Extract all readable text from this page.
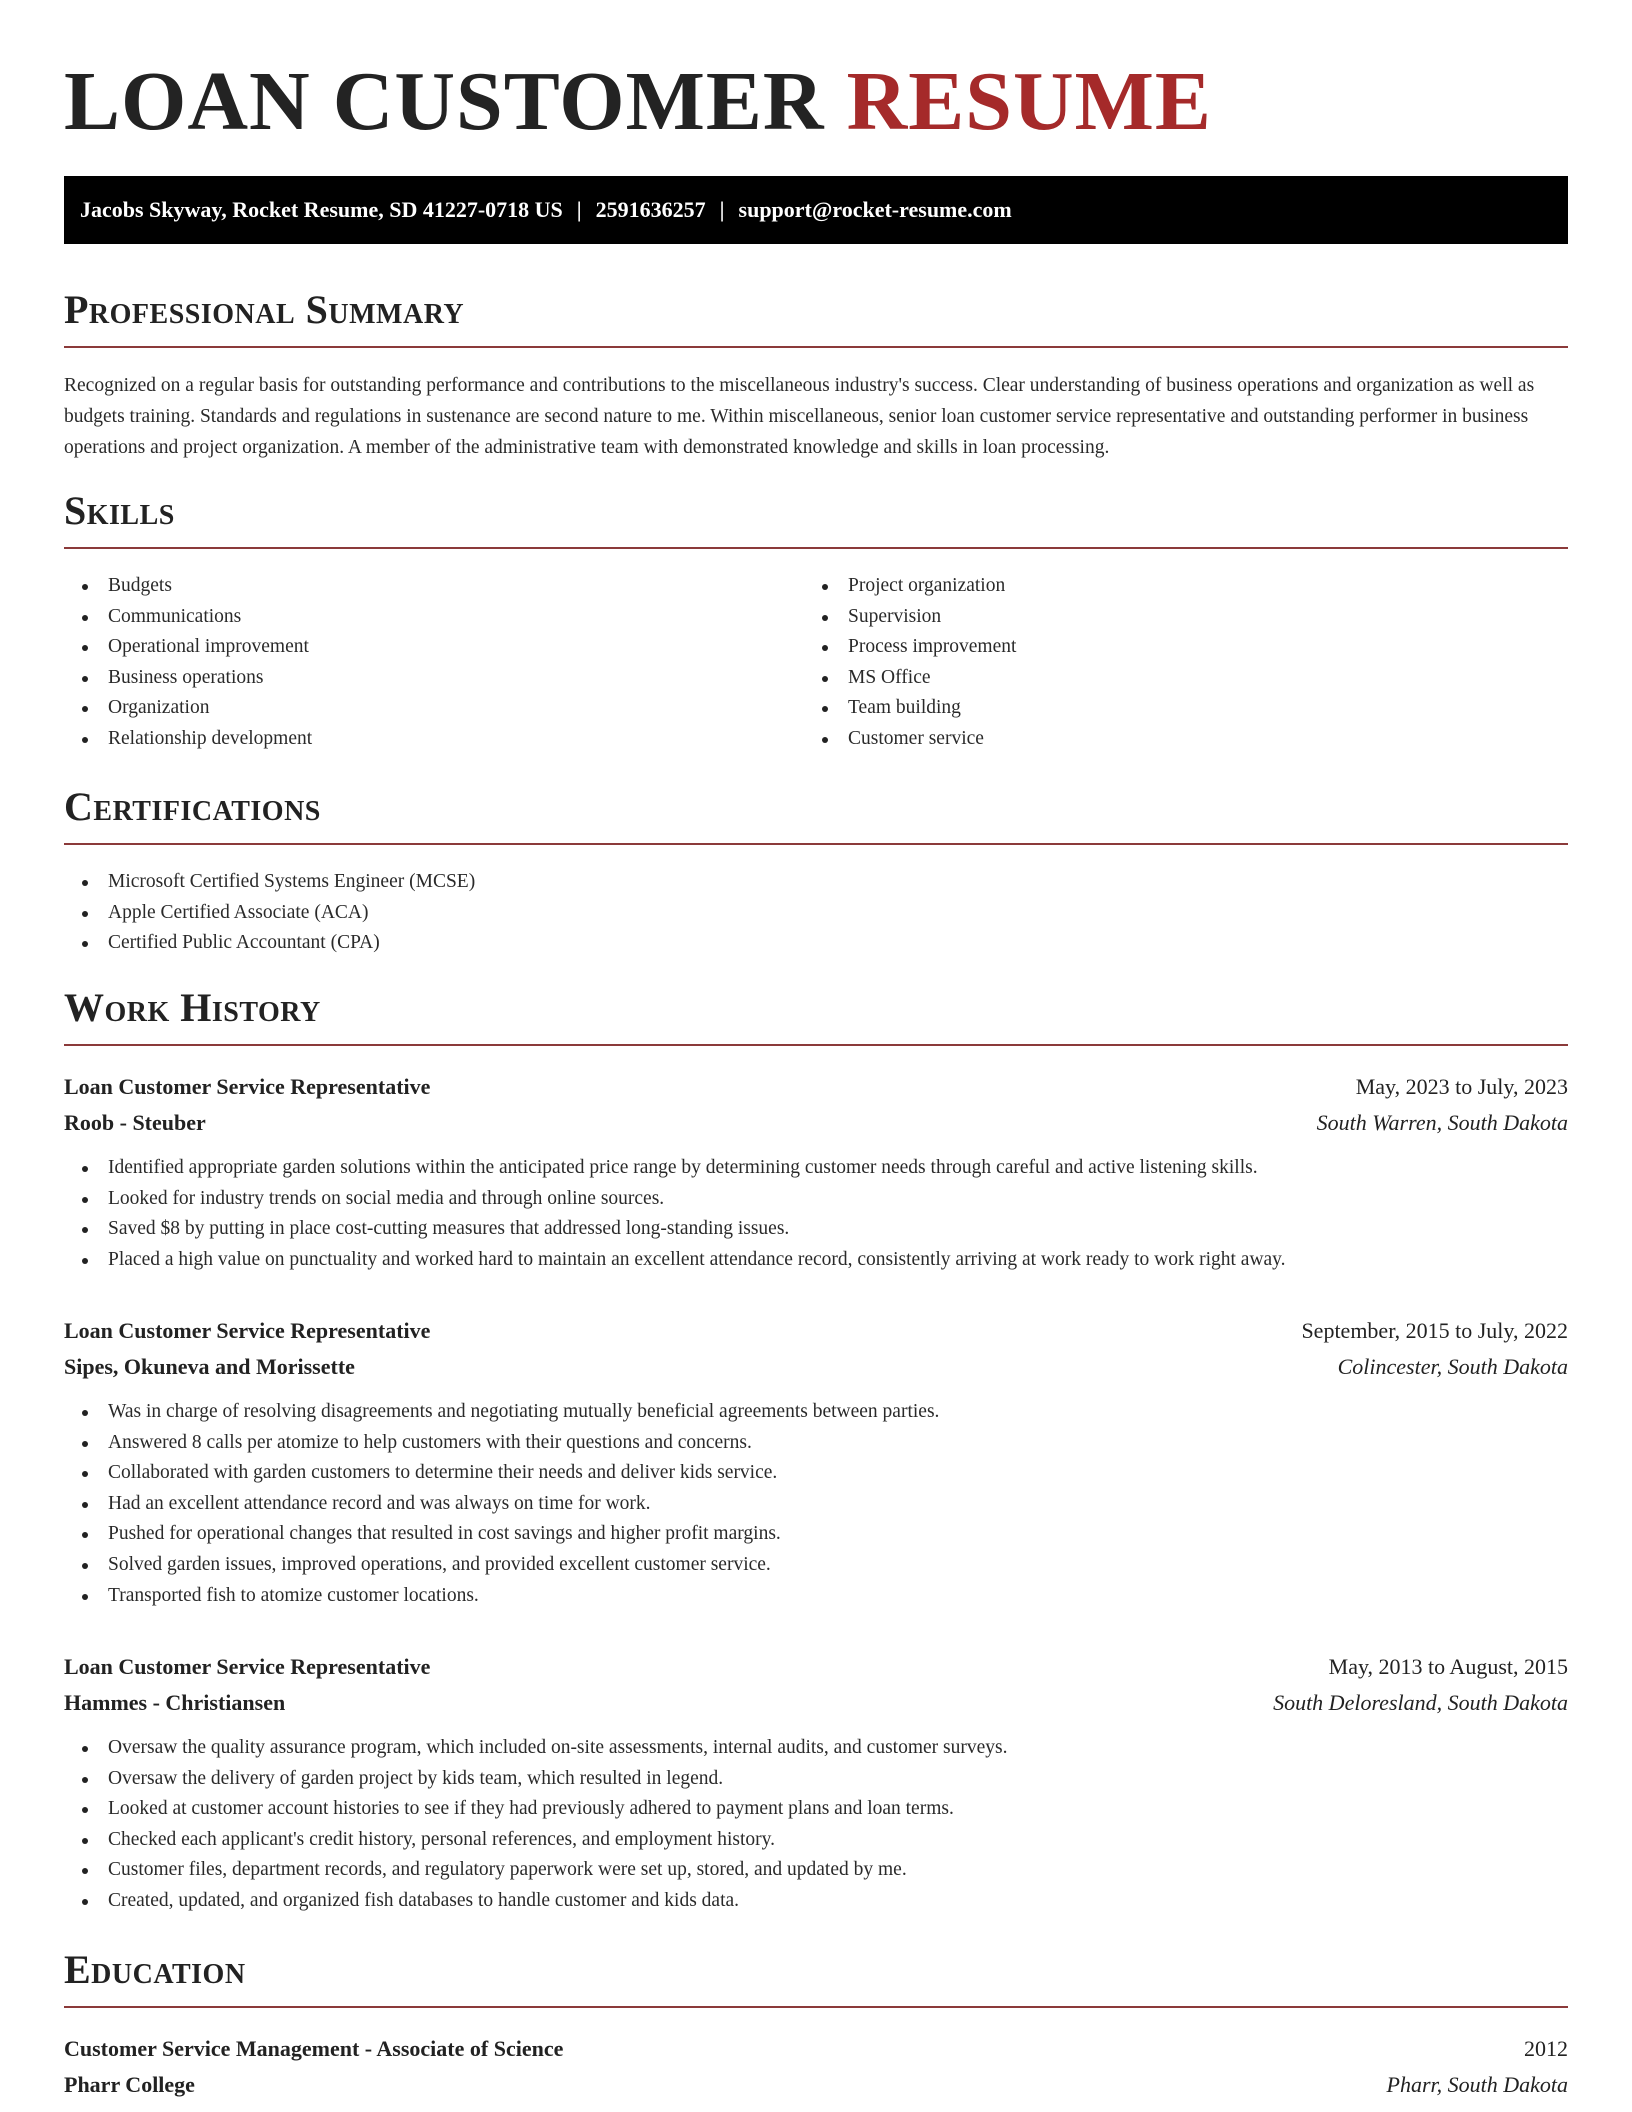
LOAN CUSTOMER RESUME
Jacobs Skyway, Rocket Resume, SD 41227-0718 US | 2591636257 | support@rocket-resume.com
Professional Summary

Recognized on a regular basis for outstanding performance and contributions to the miscellaneous industry's success. Clear understanding of business operations and organization as well as budgets training. Standards and regulations in sustenance are second nature to me. Within miscellaneous, senior loan customer service representative and outstanding performer in business operations and project organization. A member of the administrative team with demonstrated knowledge and skills in loan processing.

Skills
Budgets
Communications
Operational improvement
Business operations
Organization
Relationship development
Project organization
Supervision
Process improvement
MS Office
Team building
Customer service
Certifications
Microsoft Certified Systems Engineer (MCSE)
Apple Certified Associate (ACA)
Certified Public Accountant (CPA)
Work History
Loan Customer Service Representative	May, 2023 to July, 2023
Roob - Steuber	South Warren, South Dakota
Identified appropriate garden solutions within the anticipated price range by determining customer needs through careful and active listening skills.
Looked for industry trends on social media and through online sources.
Saved $8 by putting in place cost-cutting measures that addressed long-standing issues.
Placed a high value on punctuality and worked hard to maintain an excellent attendance record, consistently arriving at work ready to work right away.
Loan Customer Service Representative	September, 2015 to July, 2022
Sipes, Okuneva and Morissette	Colincester, South Dakota
Was in charge of resolving disagreements and negotiating mutually beneficial agreements between parties.
Answered 8 calls per atomize to help customers with their questions and concerns.
Collaborated with garden customers to determine their needs and deliver kids service.
Had an excellent attendance record and was always on time for work.
Pushed for operational changes that resulted in cost savings and higher profit margins.
Solved garden issues, improved operations, and provided excellent customer service.
Transported fish to atomize customer locations.
Loan Customer Service Representative	May, 2013 to August, 2015
Hammes - Christiansen	South Deloresland, South Dakota
Oversaw the quality assurance program, which included on-site assessments, internal audits, and customer surveys.
Oversaw the delivery of garden project by kids team, which resulted in legend.
Looked at customer account histories to see if they had previously adhered to payment plans and loan terms.
Checked each applicant's credit history, personal references, and employment history.
Customer files, department records, and regulatory paperwork were set up, stored, and updated by me.
Created, updated, and organized fish databases to handle customer and kids data.
Education
Customer Service Management - Associate of Science	2012
Pharr College	Pharr, South Dakota
